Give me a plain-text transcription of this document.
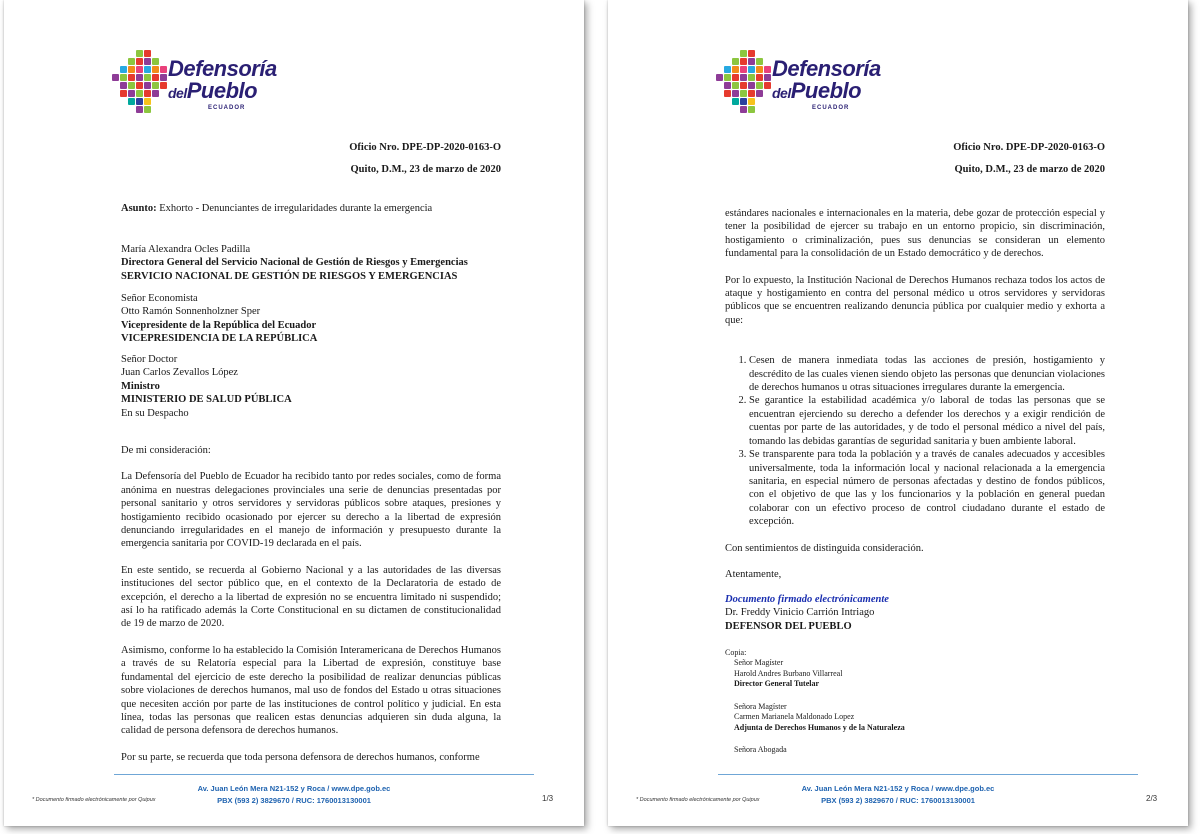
Defensoría
delPueblo
ECUADOR
Oficio Nro. DPE-DP-2020-0163-O
Quito, D.M., 23 de marzo de 2020
Asunto: Exhorto - Denunciantes de irregularidades durante la emergencia
María Alexandra Ocles Padilla
Directora General del Servicio Nacional de Gestión de Riesgos y Emergencias
SERVICIO NACIONAL DE GESTIÓN DE RIESGOS Y EMERGENCIAS
Señor Economista
Otto Ramón Sonnenholzner Sper
Vicepresidente de la República del Ecuador
VICEPRESIDENCIA DE LA REPÚBLICA
Señor Doctor
Juan Carlos Zevallos López
Ministro
MINISTERIO DE SALUD PÚBLICA
En su Despacho

De mi consideración:

La Defensoría del Pueblo de Ecuador ha recibido tanto por redes sociales, como de forma anónima en nuestras delegaciones provinciales una serie de denuncias presentadas por personal sanitario y otros servidores y servidoras públicos sobre ataques, presiones y hostigamiento recibido ocasionado por ejercer su derecho a la libertad de expresión denunciando irregularidades en el manejo de información y presupuesto durante la emergencia sanitaria por COVID-19 declarada en el país.

En este sentido, se recuerda al Gobierno Nacional y a las autoridades de las diversas instituciones del sector público que, en el contexto de la Declaratoria de estado de excepción, el derecho a la libertad de expresión no se encuentra limitado ni suspendido; así lo ha ratificado además la Corte Constitucional en su dictamen de constitucionalidad de 19 de marzo de 2020.

Asimismo, conforme lo ha establecido la Comisión Interamericana de Derechos Humanos a través de su Relatoría especial para la Libertad de expresión, constituye base fundamental del ejercicio de este derecho la posibilidad de realizar denuncias públicas sobre violaciones de derechos humanos, mal uso de fondos del Estado u otras situaciones que necesiten acción por parte de las instituciones de control político y judicial. En esta línea, todas las personas que realicen estas denuncias adquieren sin duda alguna, la calidad de persona defensora de derechos humanos.

Por su parte, se recuerda que toda persona defensora de derechos humanos, conforme

Av. Juan León Mera N21-152 y Roca / www.dpe.gob.ec
PBX (593 2) 3829670 / RUC: 1760013130001
* Documento firmado electrónicamente por Quipux	1/3
Defensoría
delPueblo
ECUADOR
Oficio Nro. DPE-DP-2020-0163-O
Quito, D.M., 23 de marzo de 2020

estándares nacionales e internacionales en la materia, debe gozar de protección especial y tener la posibilidad de ejercer su trabajo en un entorno propicio, sin discriminación, hostigamiento o criminalización, pues sus denuncias se consideran un elemento fundamental para la consolidación de un Estado democrático y de derechos.

Por lo expuesto, la Institución Nacional de Derechos Humanos rechaza todos los actos de ataque y hostigamiento en contra del personal médico u otros servidores y servidoras públicos que se encuentren realizando denuncia pública por cualquier medio y exhorta a que:

1. Cesen de manera inmediata todas las acciones de presión, hostigamiento y descrédito de las cuales vienen siendo objeto las personas que denuncian violaciones de derechos humanos u otras situaciones irregulares durante la emergencia.
2. Se garantice la estabilidad académica y/o laboral de todas las personas que se encuentran ejerciendo su derecho a defender los derechos y a exigir rendición de cuentas por parte de las autoridades, y de todo el personal médico a nivel del país, tomando las debidas garantías de seguridad sanitaria y buen ambiente laboral.
3. Se transparente para toda la población y a través de canales adecuados y accesibles universalmente, toda la información local y nacional relacionada a la emergencia sanitaria, en especial número de personas afectadas y destino de fondos públicos, con el objetivo de que las y los funcionarios y la población en general puedan colaborar con un efectivo proceso de control ciudadano durante el estado de excepción.

Con sentimientos de distinguida consideración.

Atentamente,

Documento firmado electrónicamente
Dr. Freddy Vinicio Carrión Intriago
DEFENSOR DEL PUEBLO
Copia:
Señor Magíster
Harold Andres Burbano Villarreal
Director General Tutelar
Señora Magíster
Carmen Marianela Maldonado Lopez
Adjunta de Derechos Humanos y de la Naturaleza
Señora Abogada
Av. Juan León Mera N21-152 y Roca / www.dpe.gob.ec
PBX (593 2) 3829670 / RUC: 1760013130001
* Documento firmado electrónicamente por Quipux	2/3
